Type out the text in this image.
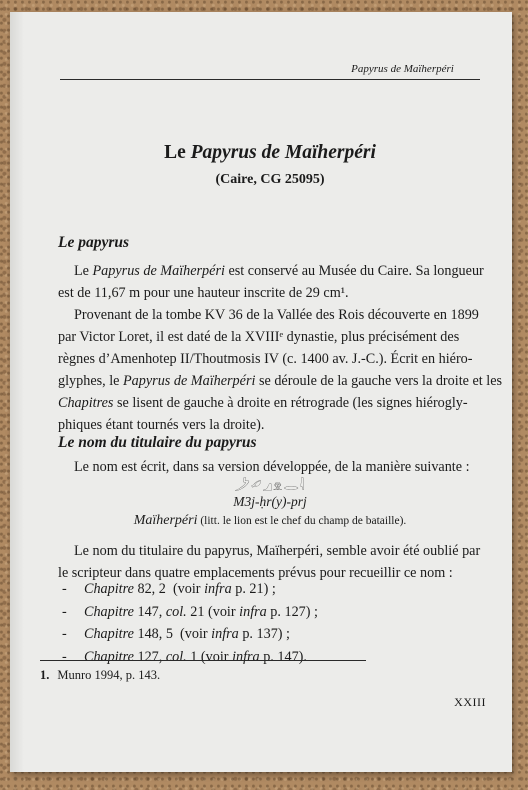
Papyrus de Maïherpéri
Le Papyrus de Maïherpéri
(Caire, CG 25095)
Le papyrus
Le Papyrus de Maïherpéri est conservé au Musée du Caire. Sa longueur
est de 11,67 m pour une hauteur inscrite de 29 cm¹.
Provenant de la tombe KV 36 de la Vallée des Rois découverte en 1899
par Victor Loret, il est daté de la XVIIIᵉ dynastie, plus précisément des
règnes d’Amenhotep II/Thoutmosis IV (c. 1400 av. J.-C.). Écrit en hiéro-
glyphes, le Papyrus de Maïherpéri se déroule de la gauche vers la droite et les
Chapitres se lisent de gauche à droite en rétrograde (les signes hiérogly-
phiques étant tournés vers la droite).
Le nom du titulaire du papyrus
Le nom est écrit, dans sa version développée, de la manière suivante :
𓌳𓄔𓈎𓁷𓂋𓇋
M3j-ḥr(y)-prj
Maïherpéri (litt. le lion est le chef du champ de bataille).
Le nom du titulaire du papyrus, Maïherpéri, semble avoir été oublié par
le scripteur dans quatre emplacements prévus pour recueillir ce nom :
- Chapitre 82, 2  (voir infra p. 21) ;
- Chapitre 147, col. 21 (voir infra p. 127) ;
- Chapitre 148, 5  (voir infra p. 137) ;
- Chapitre 127, col. 1 (voir infra p. 147).
1. Munro 1994, p. 143.
XXIII
